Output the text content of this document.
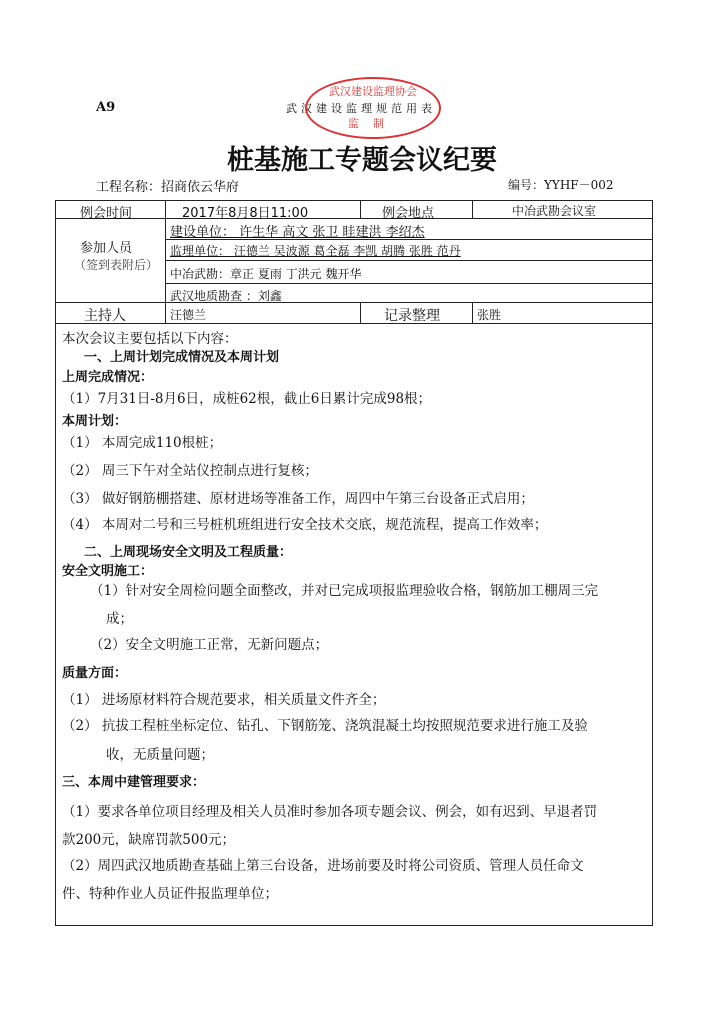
A9	武汉建设监理规范用表
武汉建设监理协会
监制
桩基施工专题会议纪要
工程名称：招商依云华府	编号：YYHF－002
例会时间	2017年8月8日11:00	例会地点	中冶武勘会议室
参加人员
（签到表附后）
建设单位： 许生华 高文 张卫 眭建洪 李绍杰
监理单位： 汪德兰 吴波源 葛全磊 李凯 胡腾 张胜 范丹
中冶武勘：章正 夏雨 丁洪元 魏开华
武汉地质勘查 ：刘鑫
主持人	汪德兰	记录整理	张胜
本次会议主要包括以下内容：
一、上周计划完成情况及本周计划
上周完成情况：
（1）7月31日-8月6日，成桩62根，截止6日累计完成98根；
本周计划：
（1） 本周完成110根桩；
（2） 周三下午对全站仪控制点进行复核；
（3） 做好钢筋棚搭建、原材进场等准备工作，周四中午第三台设备正式启用；
（4） 本周对二号和三号桩机班组进行安全技术交底，规范流程，提高工作效率；
二、上周现场安全文明及工程质量：
安全文明施工：
（1）针对安全周检问题全面整改，并对已完成项报监理验收合格，钢筋加工棚周三完
成；
（2）安全文明施工正常，无新问题点；
质量方面：
（1） 进场原材料符合规范要求，相关质量文件齐全；
（2） 抗拔工程桩坐标定位、钻孔、下钢筋笼、浇筑混凝土均按照规范要求进行施工及验
收，无质量问题；
三、本周中建管理要求：
（1）要求各单位项目经理及相关人员准时参加各项专题会议、例会，如有迟到、早退者罚
款200元，缺席罚款500元；
（2）周四武汉地质勘查基础上第三台设备，进场前要及时将公司资质、管理人员任命文
件、特种作业人员证件报监理单位；
